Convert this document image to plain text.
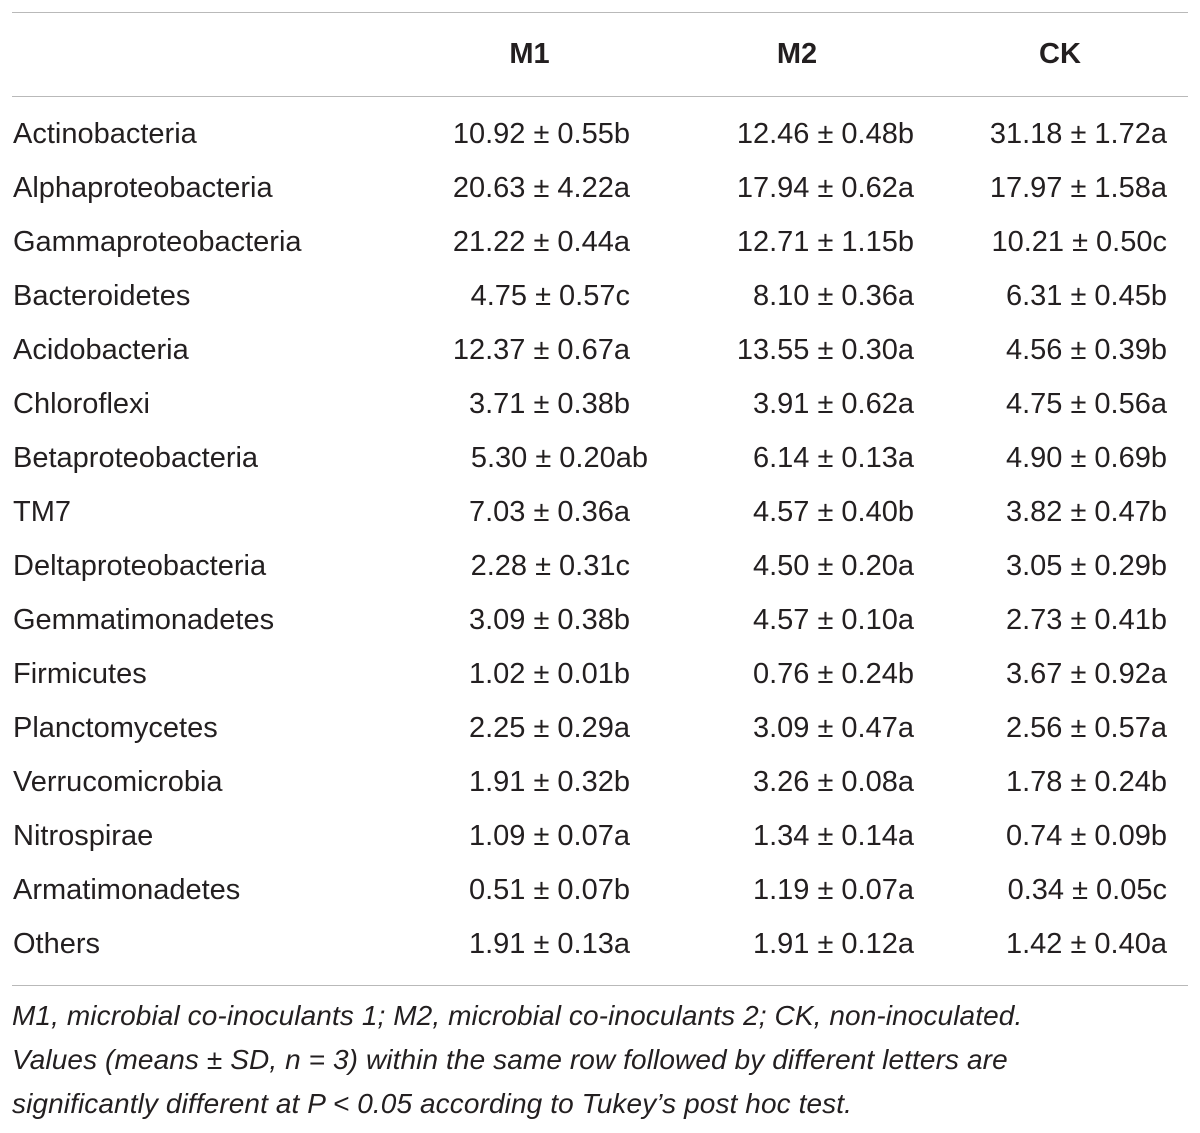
	M1	M2	CK
Actinobacteria	10.92 ± 0.55b	12.46 ± 0.48b	31.18 ± 1.72a
Alphaproteobacteria	20.63 ± 4.22a	17.94 ± 0.62a	17.97 ± 1.58a
Gammaproteobacteria	21.22 ± 0.44a	12.71 ± 1.15b	10.21 ± 0.50c
Bacteroidetes	4.75 ± 0.57c	8.10 ± 0.36a	6.31 ± 0.45b
Acidobacteria	12.37 ± 0.67a	13.55 ± 0.30a	4.56 ± 0.39b
Chloroflexi	3.71 ± 0.38b	3.91 ± 0.62a	4.75 ± 0.56a
Betaproteobacteria	5.30 ± 0.20ab	6.14 ± 0.13a	4.90 ± 0.69b
TM7	7.03 ± 0.36a	4.57 ± 0.40b	3.82 ± 0.47b
Deltaproteobacteria	2.28 ± 0.31c	4.50 ± 0.20a	3.05 ± 0.29b
Gemmatimonadetes	3.09 ± 0.38b	4.57 ± 0.10a	2.73 ± 0.41b
Firmicutes	1.02 ± 0.01b	0.76 ± 0.24b	3.67 ± 0.92a
Planctomycetes	2.25 ± 0.29a	3.09 ± 0.47a	2.56 ± 0.57a
Verrucomicrobia	1.91 ± 0.32b	3.26 ± 0.08a	1.78 ± 0.24b
Nitrospirae	1.09 ± 0.07a	1.34 ± 0.14a	0.74 ± 0.09b
Armatimonadetes	0.51 ± 0.07b	1.19 ± 0.07a	0.34 ± 0.05c
Others	1.91 ± 0.13a	1.91 ± 0.12a	1.42 ± 0.40a
M1, microbial co-inoculants 1; M2, microbial co-inoculants 2; CK, non-inoculated.
Values (means ± SD, n = 3) within the same row followed by different letters are
significantly different at P < 0.05 according to Tukey’s post hoc test.
